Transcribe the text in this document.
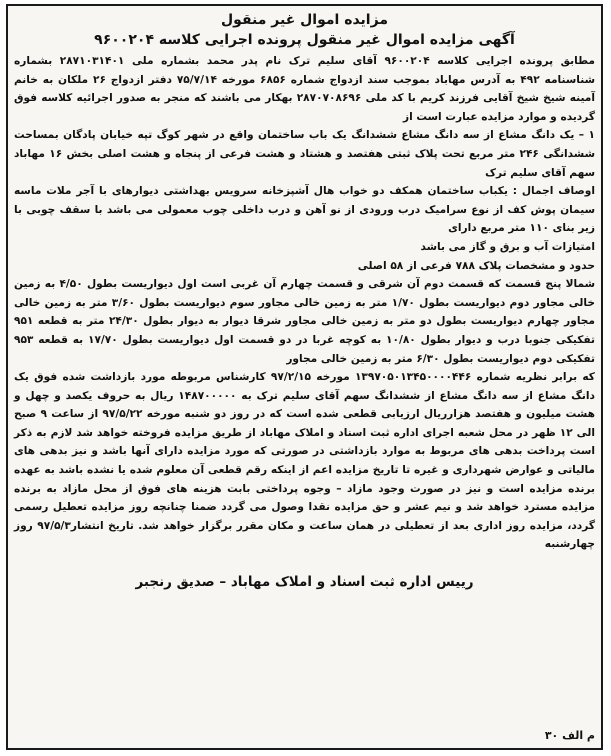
مزایده اموال غیر منقول

آگهی مزایده اموال غیر منقول پرونده اجرایی کلاسه ۹۶۰۰۲۰۴

مطابق پرونده اجرایی کلاسه ۹۶۰۰۲۰۴ آقای سلیم ترک نام پدر محمد بشماره ملی ۲۸۷۱۰۳۱۴۰۱ بشماره شناسنامه ۴۹۲ به آدرس مهاباد بموجب سند ازدواج شماره ۶۸۵۶ مورخه ۷۵/۷/۱۴ دفتر ازدواج ۲۶ ملکان به خانم آمینه شیخ شیخ آقایی فرزند کریم با کد ملی ۲۸۷۰۷۰۸۶۹۶ بهکار می باشند که منجر به صدور اجرائیه کلاسه فوق گردیده و موارد مزایده عبارت است از

۱ – یک دانگ مشاع از سه دانگ مشاع ششدانگ یک باب ساختمان واقع در شهر کوگ تپه خیابان پادگان بمساحت ششدانگی ۲۴۶ متر مربع تحت پلاک ثبتی هفتصد و هشتاد و هشت فرعی از پنجاه و هشت اصلی بخش ۱۶ مهاباد سهم آقای سلیم ترک

اوصاف اجمال : یکباب ساختمان همکف دو خواب هال آشپزخانه سرویس بهداشتی دیوارهای با آجر ملات ماسه سیمان پوش کف از نوع سرامیک درب ورودی از نو آهن و درب داخلی چوب معمولی می باشد با سقف چوبی با زیر بنای ۱۱۰ متر مربع دارای

امتیازات آب و برق و گاز می باشد

حدود و مشخصات پلاک ۷۸۸ فرعی از ۵۸ اصلی

شمالا پنج قسمت که قسمت دوم آن شرقی و قسمت چهارم آن غربی است اول دیواریست بطول ۴/۵۰ به زمین خالی مجاور دوم دیواریست بطول ۱/۷۰ متر به زمین خالی مجاور سوم دیواریست بطول ۳/۶۰ متر به زمین خالی مجاور چهارم دیواریست بطول دو متر به زمین خالی مجاور شرقا دیوار به دیوار بطول ۲۴/۳۰ متر به قطعه ۹۵۱ تفکیکی جنوبا درب و دیوار بطول ۱۰/۸۰ به کوچه غربا در دو قسمت اول دیواریست بطول ۱۷/۷۰ به قطعه ۹۵۳ تفکیکی دوم دیواریست بطول ۶/۳۰ متر به زمین خالی مجاور

که برابر نظریه شماره ۱۳۹۷۰۵۰۱۳۴۵۰۰۰۰۴۴۶ مورخه ۹۷/۲/۱۵ کارشناس مربوطه مورد بازداشت شده فوق یک دانگ مشاع از سه دانگ مشاع از ششدانگ سهم آقای سلیم ترک به ۱۴۸۷۰۰۰۰۰ ریال به حروف یکصد و چهل و هشت میلیون و هفتصد هزارریال ارزیابی قطعی شده است که در روز دو شنبه مورخه ۹۷/۵/۲۲ از ساعت ۹ صبح الی ۱۲ ظهر در محل شعبه اجرای اداره ثبت اسناد و املاک مهاباد از طریق مزایده فروخته خواهد شد لازم به ذکر است پرداخت بدهی های مربوط به موارد بازداشتی در صورتی که مورد مزایده دارای آنها باشد و نیز بدهی های مالیاتی و عوارض شهرداری و غیره تا تاریخ مزایده اعم از اینکه رقم قطعی آن معلوم شده یا نشده باشد به عهده برنده مزایده است و نیز در صورت وجود مازاد – وجوه پرداختی بابت هزینه های فوق از محل مازاد به برنده مزایده مسترد خواهد شد و نیم عشر و حق مزایده نقدا وصول می گردد ضمنا چنانچه روز مزایده تعطیل رسمی گردد، مزایده روز اداری بعد از تعطیلی در همان ساعت و مکان مقرر برگزار خواهد شد. تاریخ انتشار۹۷/۵/۳ روز چهارشنبه

رییس اداره ثبت اسناد و املاک مهاباد – صدیق رنجبر

م الف ۳۰
